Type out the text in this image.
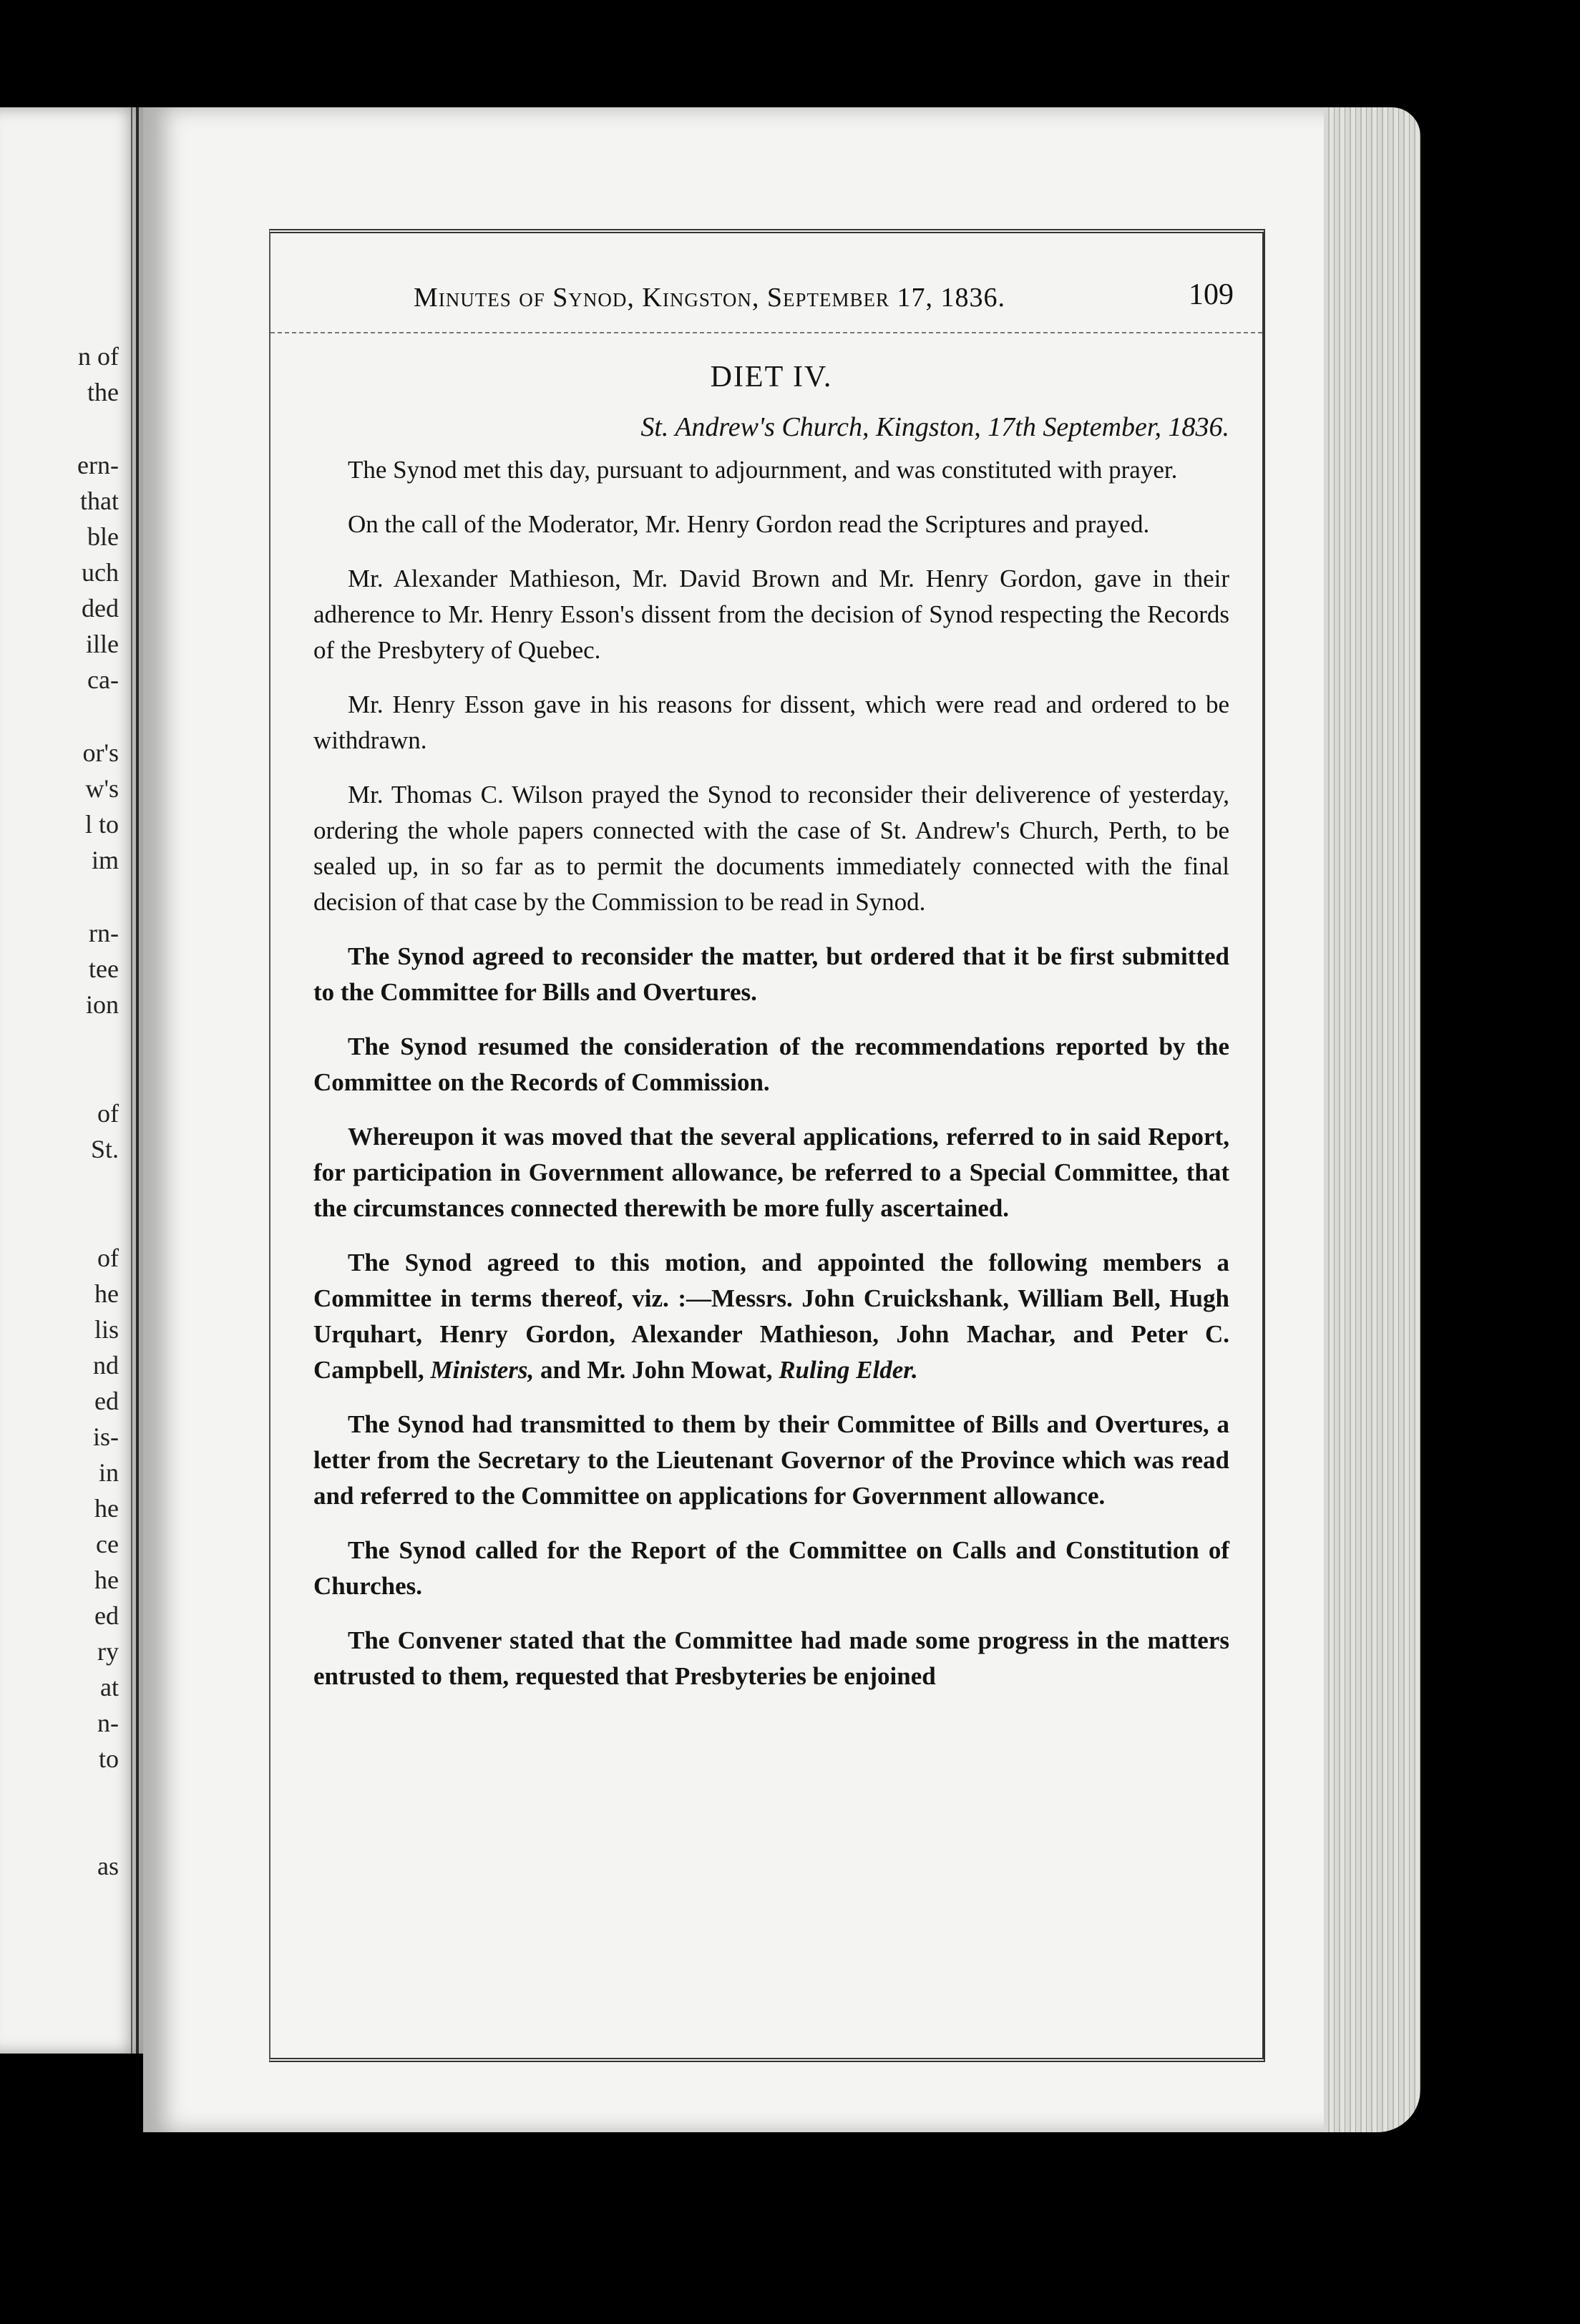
n of
the
ern-
that
ble
uch
ded
ille
ca-
or's
w's
l to
im
rn-
tee
ion
of
St.
of
he
lis
nd
ed
is-
in
he
ce
he
ed
ry
at
n-
to
as
Minutes of Synod, Kingston, September 17, 1836.	109
DIET IV.
St. Andrew's Church, Kingston, 17th September, 1836.

The Synod met this day, pursuant to adjournment, and was constituted with prayer.

On the call of the Moderator, Mr. Henry Gordon read the Scriptures and prayed.

Mr. Alexander Mathieson, Mr. David Brown and Mr. Henry Gordon, gave in their adherence to Mr. Henry Esson's dissent from the decision of Synod respecting the Records of the Presbytery of Quebec.

Mr. Henry Esson gave in his reasons for dissent, which were read and ordered to be withdrawn.

Mr. Thomas C. Wilson prayed the Synod to reconsider their deliverence of yesterday, ordering the whole papers connected with the case of St. Andrew's Church, Perth, to be sealed up, in so far as to permit the documents immediately connected with the final decision of that case by the Commission to be read in Synod.

The Synod agreed to reconsider the matter, but ordered that it be first submitted to the Committee for Bills and Overtures.

The Synod resumed the consideration of the recommendations reported by the Committee on the Records of Commission.

Whereupon it was moved that the several applications, referred to in said Report, for participation in Government allowance, be referred to a Special Committee, that the circumstances connected therewith be more fully ascertained.

The Synod agreed to this motion, and appointed the following members a Committee in terms thereof, viz. :—Messrs. John Cruickshank, William Bell, Hugh Urquhart, Henry Gordon, Alexander Mathieson, John Machar, and Peter C. Campbell, Ministers, and Mr. John Mowat, Ruling Elder.

The Synod had transmitted to them by their Committee of Bills and Overtures, a letter from the Secretary to the Lieutenant Governor of the Province which was read and referred to the Committee on applications for Government allowance.

The Synod called for the Report of the Committee on Calls and Constitution of Churches.

The Convener stated that the Committee had made some progress in the matters entrusted to them, requested that Presbyteries be enjoined
